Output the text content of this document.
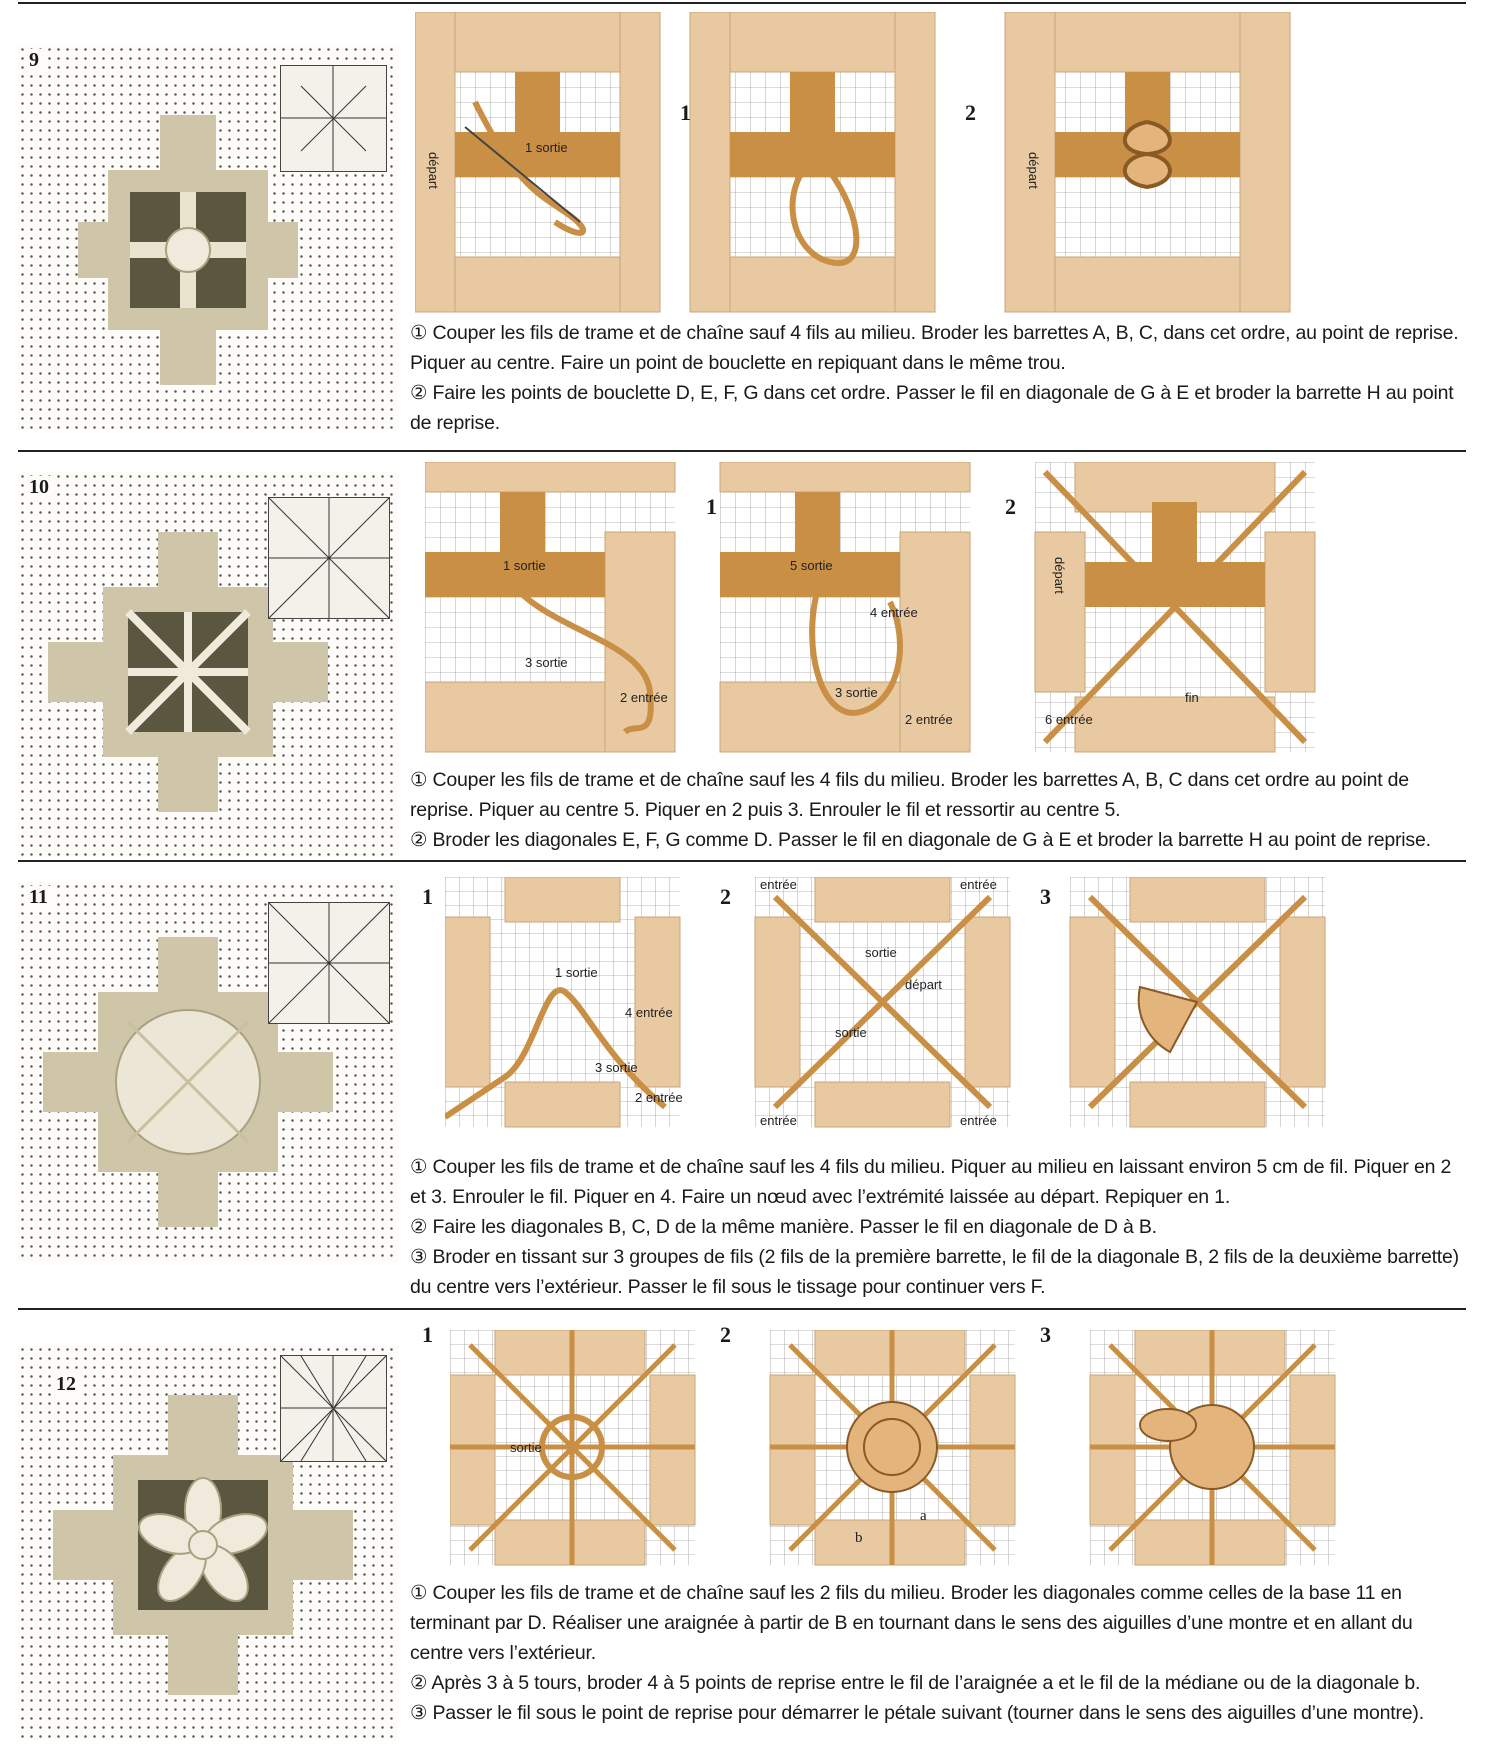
9
départ
1 sortie
départ
1	2

① Couper les fils de trame et de chaîne sauf 4 fils au milieu. Broder les barrettes A, B, C, dans cet ordre, au point de reprise. Piquer au centre. Faire un point de bouclette en repiquant dans le même trou.

② Faire les points de bouclette D, E, F, G dans cet ordre. Passer le fil en diagonale de G à E et broder la barrette H au point de reprise.

10
1 sortie
3 sortie
2 entrée
5 sortie
4 entrée
3 sortie
2 entrée
départ
fin
6 entrée
1	2

① Couper les fils de trame et de chaîne sauf les 4 fils du milieu. Broder les barrettes A, B, C dans cet ordre au point de reprise. Piquer au centre 5. Piquer en 2 puis 3. Enrouler le fil et ressortir au centre 5.

② Broder les diagonales E, F, G comme D. Passer le fil en diagonale de G à E et broder la barrette H au point de reprise.

11
1 sortie
4 entrée
3 sortie
2 entrée
entrée	entrée
sortie
départ
sortie
entrée	entrée
1	2	3

① Couper les fils de trame et de chaîne sauf les 4 fils du milieu. Piquer au milieu en laissant environ 5 cm de fil. Piquer en 2 et 3. Enrouler le fil. Piquer en 4. Faire un nœud avec l’extrémité laissée au départ. Repiquer en 1.

② Faire les diagonales B, C, D de la même manière. Passer le fil en diagonale de D à B.

③ Broder en tissant sur 3 groupes de fils (2 fils de la première barrette, le fil de la diagonale B, 2 fils de la deuxième barrette) du centre vers l’extérieur. Passer le fil sous le tissage pour continuer vers F.

12
sortie
a
b
1	2	3

① Couper les fils de trame et de chaîne sauf les 2 fils du milieu. Broder les diagonales comme celles de la base 11 en terminant par D. Réaliser une araignée à partir de B en tournant dans le sens des aiguilles d’une montre et en allant du centre vers l’extérieur.

② Après 3 à 5 tours, broder 4 à 5 points de reprise entre le fil de l’araignée a et le fil de la médiane ou de la diagonale b.

③ Passer le fil sous le point de reprise pour démarrer le pétale suivant (tourner dans le sens des aiguilles d’une montre).
